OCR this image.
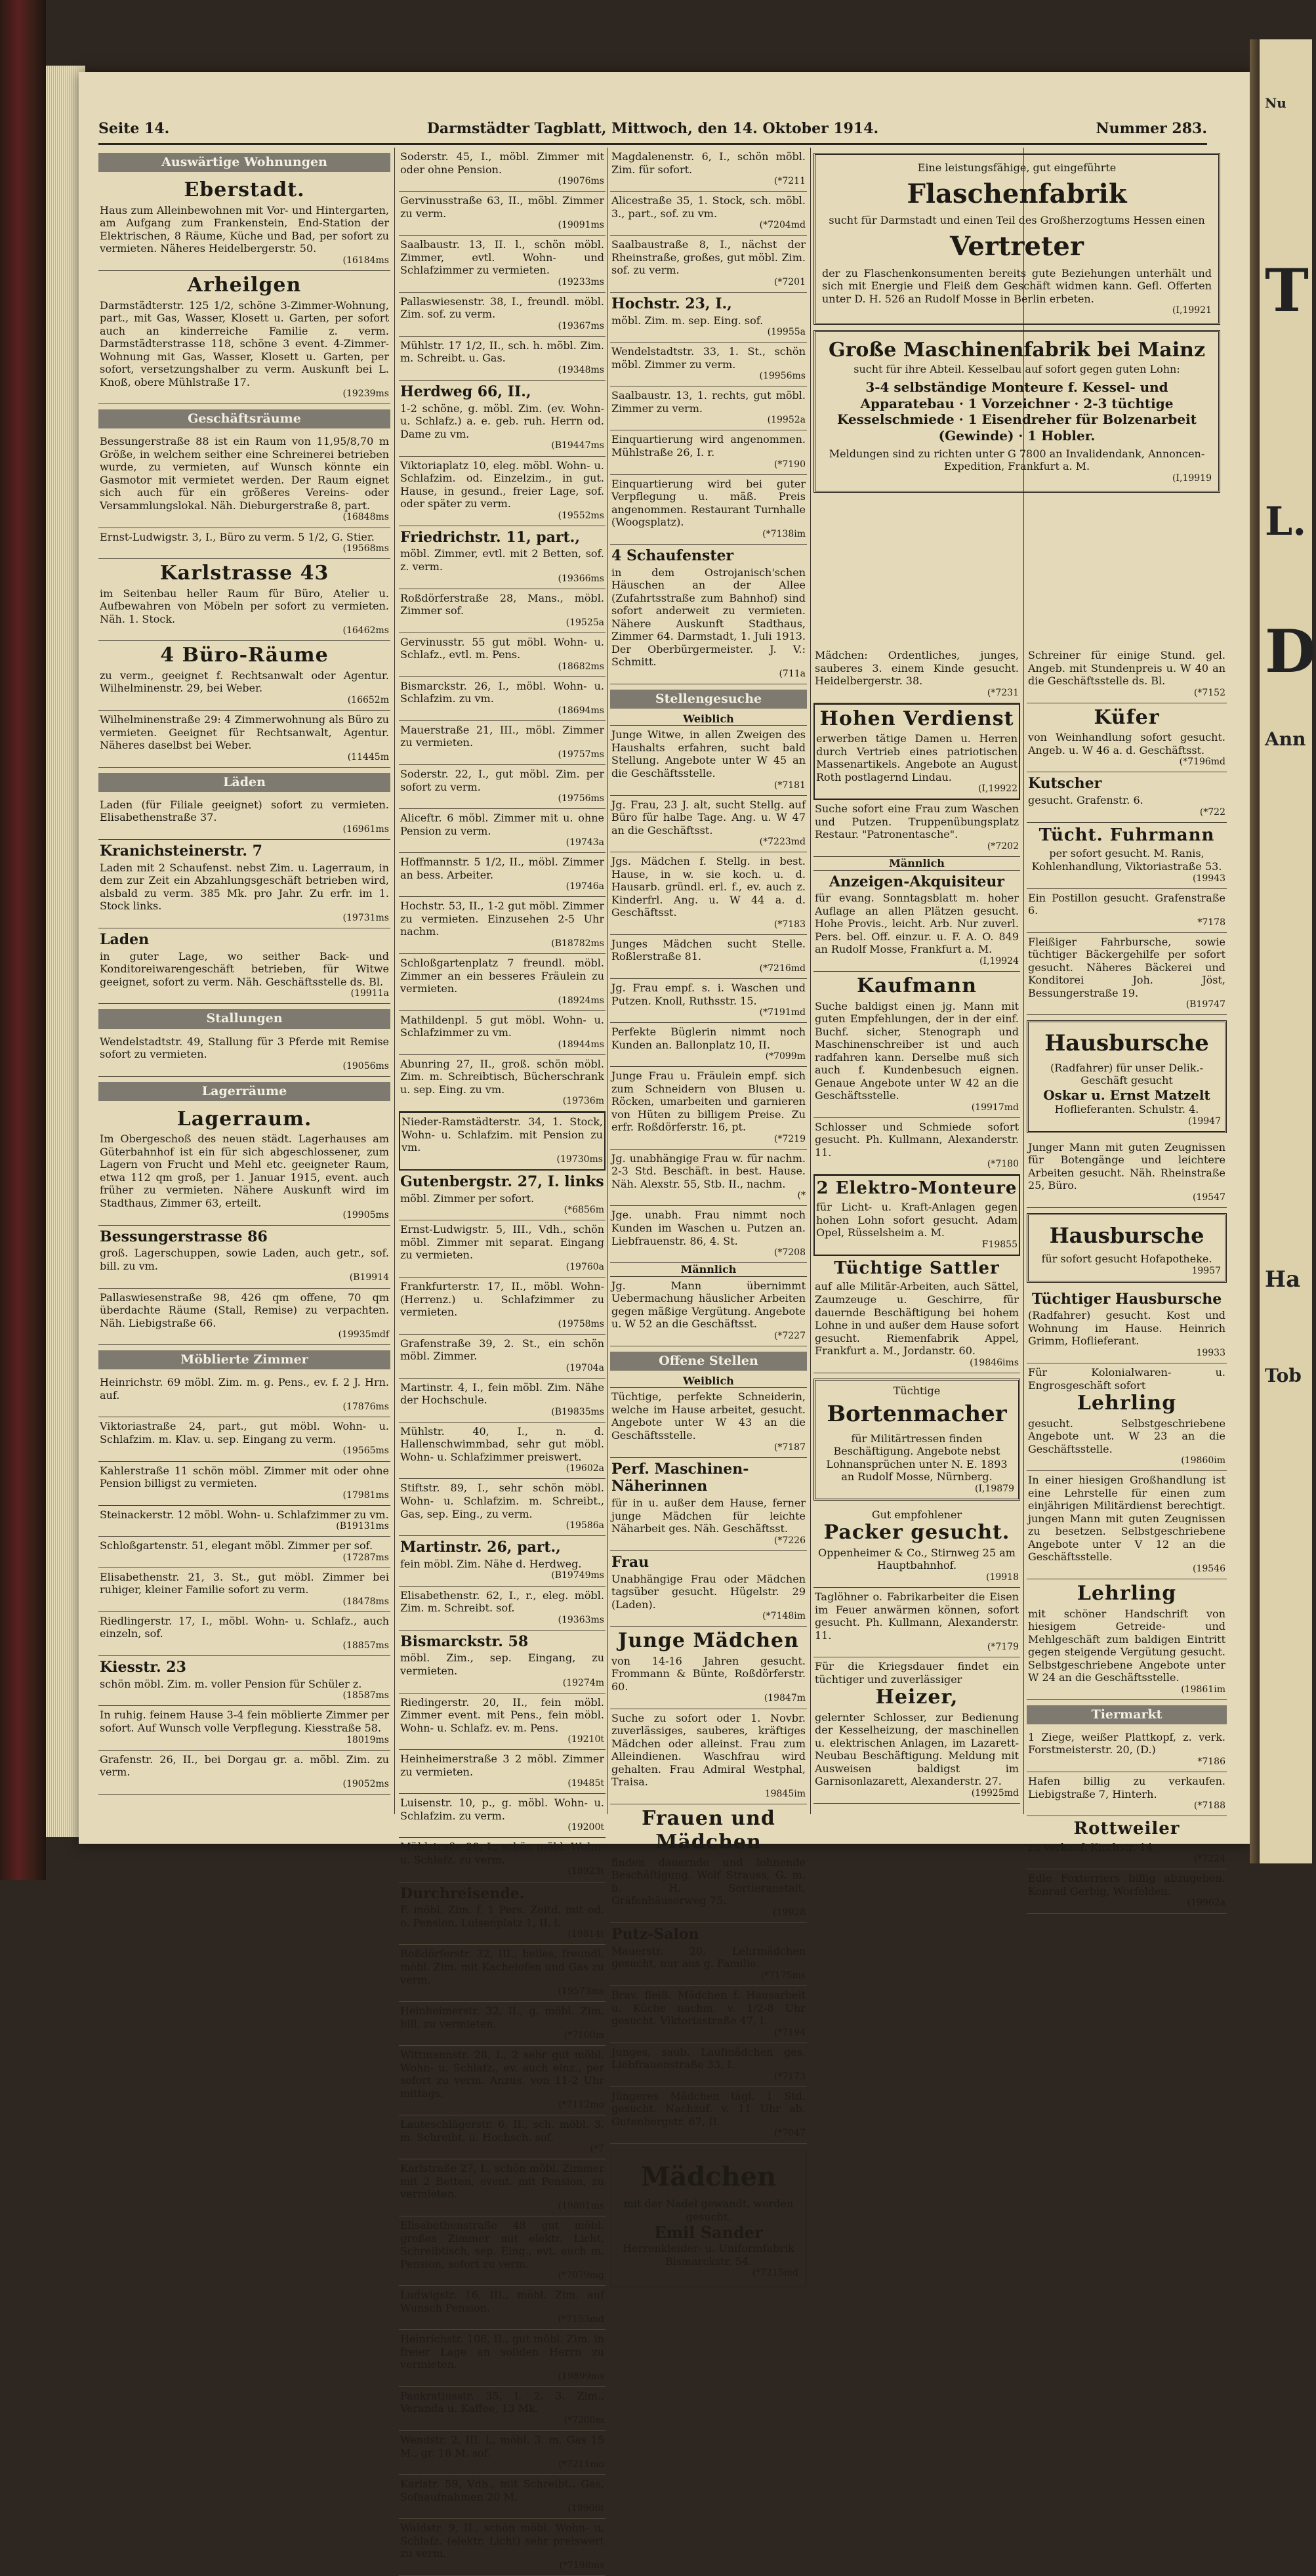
Nu
T
L.
D
Ann
Ha
Tob
Seite 14.	Darmstädter Tagblatt, Mittwoch, den 14. Oktober 1914.	Nummer 283.
Auswärtige Wohnungen
Eberstadt.

Haus zum Alleinbewohnen mit Vor- und Hintergarten, am Aufgang zum Frankenstein, End-Station der Elektrischen, 8 Räume, Küche und Bad, per sofort zu vermieten. Näheres Heidelbergerstr. 50.

(16184ms
Arheilgen

Darmstädterstr. 125 1/2, schöne 3-Zimmer-Wohnung, part., mit Gas, Wasser, Klosett u. Garten, per sofort auch an kinderreiche Familie z. verm. Darmstädterstrasse 118, schöne 3 event. 4-Zimmer-Wohnung mit Gas, Wasser, Klosett u. Garten, per sofort, versetzungshalber zu verm. Auskunft bei L. Knoß, obere Mühlstraße 17.

(19239ms
Geschäftsräume

Bessungerstraße 88 ist ein Raum von 11,95/8,70 m Größe, in welchem seither eine Schreinerei betrieben wurde, zu vermieten, auf Wunsch könnte ein Gasmotor mit vermietet werden. Der Raum eignet sich auch für ein größeres Vereins- oder Versammlungslokal. Näh. Dieburgerstraße 8, part.

(16848ms

Ernst-Ludwigstr. 3, I., Büro zu verm. 5 1/2, G. Stier.

(19568ms
Karlstrasse 43

im Seitenbau heller Raum für Büro, Atelier u. Aufbewahren von Möbeln per sofort zu vermieten. Näh. 1. Stock.

(16462ms
4 Büro-Räume

zu verm., geeignet f. Rechtsanwalt oder Agentur. Wilhelminenstr. 29, bei Weber.

(16652m

Wilhelminenstraße 29: 4 Zimmerwohnung als Büro zu vermieten. Geeignet für Rechtsanwalt, Agentur. Näheres daselbst bei Weber.

(11445m
Läden

Laden (für Filiale geeignet) sofort zu vermieten. Elisabethenstraße 37.

(16961ms
Kranichsteinerstr. 7

Laden mit 2 Schaufenst. nebst Zim. u. Lagerraum, in dem zur Zeit ein Abzahlungsgeschäft betrieben wird, alsbald zu verm. 385 Mk. pro Jahr. Zu erfr. im 1. Stock links.

(19731ms
Laden

in guter Lage, wo seither Back- und Konditoreiwarengeschäft betrieben, für Witwe geeignet, sofort zu verm. Näh. Geschäftsstelle ds. Bl.

(19911a
Stallungen

Wendelstadtstr. 49, Stallung für 3 Pferde mit Remise sofort zu vermieten.

(19056ms
Lagerräume
Lagerraum.

Im Obergeschoß des neuen städt. Lagerhauses am Güterbahnhof ist ein für sich abgeschlossener, zum Lagern von Frucht und Mehl etc. geeigneter Raum, etwa 112 qm groß, per 1. Januar 1915, event. auch früher zu vermieten. Nähere Auskunft wird im Stadthaus, Zimmer 63, erteilt.

(19905ms
Bessungerstrasse 86

groß. Lagerschuppen, sowie Laden, auch getr., sof. bill. zu vm.

(B19914

Pallaswiesenstraße 98, 426 qm offene, 70 qm überdachte Räume (Stall, Remise) zu verpachten. Näh. Liebigstraße 66.

(19935mdf
Möblierte Zimmer

Heinrichstr. 69 möbl. Zim. m. g. Pens., ev. f. 2 J. Hrn. auf.

(17876ms

Viktoriastraße 24, part., gut möbl. Wohn- u. Schlafzim. m. Klav. u. sep. Eingang zu verm.

(19565ms

Kahlerstraße 11 schön möbl. Zimmer mit oder ohne Pension billigst zu vermieten.

(17981ms

Steinackerstr. 12 möbl. Wohn- u. Schlafzimmer zu vm.

(B19131ms

Schloßgartenstr. 51, elegant möbl. Zimmer per sof.

(17287ms

Elisabethenstr. 21, 3. St., gut möbl. Zimmer bei ruhiger, kleiner Familie sofort zu verm.

(18478ms

Riedlingerstr. 17, I., möbl. Wohn- u. Schlafz., auch einzeln, sof.

(18857ms
Kiesstr. 23

schön möbl. Zim. m. voller Pension für Schüler z.

(18587ms

In ruhig. feinem Hause 3-4 fein möblierte Zimmer per sofort. Auf Wunsch volle Verpflegung. Kiesstraße 58.

18019ms

Grafenstr. 26, II., bei Dorgau gr. a. möbl. Zim. zu verm.

(19052ms

Soderstr. 45, I., möbl. Zimmer mit oder ohne Pension.

(19076ms

Gervinusstraße 63, II., möbl. Zimmer zu verm.

(19091ms

Saalbaustr. 13, II. l., schön möbl. Zimmer, evtl. Wohn- und Schlafzimmer zu vermieten.

(19233ms

Pallaswiesenstr. 38, I., freundl. möbl. Zim. sof. zu verm.

(19367ms

Mühlstr. 17 1/2, II., sch. h. möbl. Zim. m. Schreibt. u. Gas.

(19348ms
Herdweg 66, II.,

1-2 schöne, g. möbl. Zim. (ev. Wohn- u. Schlafz.) a. e. geb. ruh. Herrn od. Dame zu vm.

(B19447ms

Viktoriaplatz 10, eleg. möbl. Wohn- u. Schlafzim. od. Einzelzim., in gut. Hause, in gesund., freier Lage, sof. oder später zu verm.

(19552ms
Friedrichstr. 11, part.,

möbl. Zimmer, evtl. mit 2 Betten, sof. z. verm.

(19366ms

Roßdörferstraße 28, Mans., möbl. Zimmer sof.

(19525a

Gervinusstr. 55 gut möbl. Wohn- u. Schlafz., evtl. m. Pens.

(18682ms

Bismarckstr. 26, I., möbl. Wohn- u. Schlafzim. zu vm.

(18694ms

Mauerstraße 21, III., möbl. Zimmer zu vermieten.

(19757ms

Soderstr. 22, I., gut möbl. Zim. per sofort zu verm.

(19756ms

Aliceftr. 6 möbl. Zimmer mit u. ohne Pension zu verm.

(19743a

Hoffmannstr. 5 1/2, II., möbl. Zimmer an bess. Arbeiter.

(19746a

Hochstr. 53, II., 1-2 gut möbl. Zimmer zu vermieten. Einzusehen 2-5 Uhr nachm.

(B18782ms

Schloßgartenplatz 7 freundl. möbl. Zimmer an ein besseres Fräulein zu vermieten.

(18924ms

Mathildenpl. 5 gut möbl. Wohn- u. Schlafzimmer zu vm.

(18944ms

Abunring 27, II., groß. schön möbl. Zim. m. Schreibtisch, Bücherschrank u. sep. Eing. zu vm.

(19736m

Nieder-Ramstädterstr. 34, 1. Stock, Wohn- u. Schlafzim. mit Pension zu vm.

(19730ms
Gutenbergstr. 27, I. links

möbl. Zimmer per sofort.

(*6856m

Ernst-Ludwigstr. 5, III., Vdh., schön möbl. Zimmer mit separat. Eingang zu vermieten.

(19760a

Frankfurterstr. 17, II., möbl. Wohn- (Herrenz.) u. Schlafzimmer zu vermieten.

(19758ms

Grafenstraße 39, 2. St., ein schön möbl. Zimmer.

(19704a

Martinstr. 4, I., fein möbl. Zim. Nähe der Hochschule.

(B19835ms

Mühlstr. 40, I., n. d. Hallenschwimmbad, sehr gut möbl. Wohn- u. Schlafzimmer preiswert.

(19602a

Stiftstr. 89, I., sehr schön möbl. Wohn- u. Schlafzim. m. Schreibt., Gas, sep. Eing., zu verm.

(19586a
Martinstr. 26, part.,

fein möbl. Zim. Nähe d. Herdweg.

(B19749ms

Elisabethenstr. 62, I., r., eleg. möbl. Zim. m. Schreibt. sof.

(19363ms
Bismarckstr. 58

möbl. Zim., sep. Eingang, zu vermieten.

(19274m

Riedingerstr. 20, II., fein möbl. Zimmer event. mit Pens., fein möbl. Wohn- u. Schlafz. ev. m. Pens.

(19210t

Heinheimerstraße 3 2 möbl. Zimmer zu vermieten.

(19485t

Luisenstr. 10, p., g. möbl. Wohn- u. Schlafzim. zu verm.

(19200t

Mühlstraße 28, I., schön möbl. Wohn- u. Schlafz. zu verm.

(18923t
Durchreisende.

F. möbl. Zim. f. 1 Pers. Zeitd. mit od. o. Pension. Luisenplatz 1, II. l.

(19814t

Roßdörferstr. 32, III., helles, freundl. möbl. Zim. mit Kachelofen und Gas zu verm.

(19573ms

Heinheimerstr. 32, II., g. möbl. Zim. bill. zu vermieten.

(*7100m

Wittmannstr. 28, I., 2 sehr gut möbl. Wohn- u. Schlafz., ev. auch einz., per sofort zu verm. Anzus. von 11-2 Uhr mittags.

(*7112mo

Lauteschlägerstr. 6, II., sch. möbl. 3. m. Schreibt. u. Hochsch. sof.

(*7

Karlstraße 27, I., schön möbl. Zimmer mit 2 Betten, event. mit Pension, zu vermieten.

(19801ms

Elisabethenstraße 48 gut möbl. großes Zimmer mit elektr. Licht, Schreibtisch, sep. Eing., evt. auch m. Pension, sofort zu verm.

(*7079mg

Ludwigstr. 16, III., möbl. Zim. auf Wunsch Pension.

(*7153md

Heinrichstr. 108, II., gut möbl. Zim. in freier Lage an soliden Herrn zu vermieten.

(19899ms

Pankratiusstr. 35, I. 2. 3. Zim., Veranda u. Kaffee, 13 Mk.

(*7200m

Wendstr. 2, III. l., möbl. 3. m. Gas 15 M., gr. 18 M. sof.

(*7211mo

Karlstr. 59, Vdh., mit Schreibt., Gas, Sofaaufnahmen 20 M.

(19906t

Waldstr. 9, II., schön möbl. Wohn- u. Schlafz. (elektr. Licht) sehr preiswert zu verm.

(*7198ms

Magdalenenstr. 6, I., schön möbl. Zim. für sofort.

(*7211

Alicestraße 35, 1. Stock, sch. möbl. 3., part., sof. zu vm.

(*7204md

Saalbaustraße 8, I., nächst der Rheinstraße, großes, gut möbl. Zim. sof. zu verm.

(*7201
Hochstr. 23, I.,

möbl. Zim. m. sep. Eing. sof.

(19955a

Wendelstadtstr. 33, 1. St., schön möbl. Zimmer zu verm.

(19956ms

Saalbaustr. 13, 1. rechts, gut möbl. Zimmer zu verm.

(19952a

Einquartierung wird angenommen. Mühlstraße 26, I. r.

(*7190

Einquartierung wird bei guter Verpflegung u. mäß. Preis angenommen. Restaurant Turnhalle (Woogsplatz).

(*7138im
4 Schaufenster

in dem Ostrojanisch'schen Häuschen an der Allee (Zufahrtsstraße zum Bahnhof) sind sofort anderweit zu vermieten. Nähere Auskunft Stadthaus, Zimmer 64. Darmstadt, 1. Juli 1913. Der Oberbürgermeister. J. V.: Schmitt.

(711a
Stellengesuche
Weiblich

Junge Witwe, in allen Zweigen des Haushalts erfahren, sucht bald Stellung. Angebote unter W 45 an die Geschäftsstelle.

(*7181

Jg. Frau, 23 J. alt, sucht Stellg. auf Büro für halbe Tage. Ang. u. W 47 an die Geschäftsst.

(*7223md

Jgs. Mädchen f. Stellg. in best. Hause, in w. sie koch. u. d. Hausarb. gründl. erl. f., ev. auch z. Kinderfrl. Ang. u. W 44 a. d. Geschäftsst.

(*7183

Junges Mädchen sucht Stelle. Roßlerstraße 81.

(*7216md

Jg. Frau empf. s. i. Waschen und Putzen. Knoll, Ruthsstr. 15.

(*7191md

Perfekte Büglerin nimmt noch Kunden an. Ballonplatz 10, II.

(*7099m

Junge Frau u. Fräulein empf. sich zum Schneidern von Blusen u. Röcken, umarbeiten und garnieren von Hüten zu billigem Preise. Zu erfr. Roßdörferstr. 16, pt.

(*7219

Jg. unabhängige Frau w. für nachm. 2-3 Std. Beschäft. in best. Hause. Näh. Alexstr. 55, Stb. II., nachm.

(*

Jge. unabh. Frau nimmt noch Kunden im Waschen u. Putzen an. Liebfrauenstr. 86, 4. St.

(*7208
Männlich

Jg. Mann übernimmt Uebermachung häuslicher Arbeiten gegen mäßige Vergütung. Angebote u. W 52 an die Geschäftsst.

(*7227
Offene Stellen
Weiblich

Tüchtige, perfekte Schneiderin, welche im Hause arbeitet, gesucht. Angebote unter W 43 an die Geschäftsstelle.

(*7187
Perf. Maschinen-Näherinnen

für in u. außer dem Hause, ferner junge Mädchen für leichte Näharbeit ges. Näh. Geschäftsst.

(*7226
Frau

Unabhängige Frau oder Mädchen tagsüber gesucht. Hügelstr. 29 (Laden).

(*7148im
Junge Mädchen

von 14-16 Jahren gesucht. Frommann & Bünte, Roßdörferstr. 60.

(19847m

Suche zu sofort oder 1. Novbr. zuverlässiges, sauberes, kräftiges Mädchen oder alleinst. Frau zum Alleindienen. Waschfrau wird gehalten. Frau Admiral Westphal, Traisa.

19845im
Frauen und Mädchen

finden dauernde und lohnende Beschäftigung. Wolf Strauss, G. m. b. H. Sortieranstalt, Gräfenhäuserweg 75.

(19928
Putz-Salon

Mauerstr. 20, Lehrmädchen gesucht, nur aus g. Familie.

(*7175ms

Brav. fleiß. Mädchen f. Hausarbeit u. Küche nachm. v. 1/2-8 Uhr gesucht. Viktoriastraße 47, I.

(*7194

Junges, saub. Laufmädchen ges. Liebfrauenstraße 33, I.

(*7173

Jüngeres Mädchen tägl. 1 Std. gesucht. Nachzuf. v. 11 Uhr ab. Gutenbergstr. 67, II.

(*7047
Mädchen
mit der Nadel gewandt, werden gesucht.
Emil Sander
Herrenkleider- u. Uniformfabrik Bismarckstr. 54.
(*7215md
Eine leistungsfähige, gut eingeführte
Flaschenfabrik
sucht für Darmstadt und einen Teil des Großherzogtums Hessen einen
Vertreter
der zu Flaschenkonsumenten bereits gute Beziehungen unterhält und sich mit Energie und Fleiß dem Geschäft widmen kann. Gefl. Offerten unter D. H. 526 an Rudolf Mosse in Berlin erbeten.
(I,19921
Große Maschinenfabrik bei Mainz
sucht für ihre Abteil. Kesselbau auf sofort gegen guten Lohn:
3-4 selbständige Monteure f. Kessel- und Apparatebau · 1 Vorzeichner · 2-3 tüchtige Kesselschmiede · 1 Eisendreher für Bolzenarbeit (Gewinde) · 1 Hobler.
Meldungen sind zu richten unter G 7800 an Invalidendank, Annoncen-Expedition, Frankfurt a. M.
(I,19919

Mädchen: Ordentliches, junges, sauberes 3. einem Kinde gesucht. Heidelbergerstr. 38.

(*7231
Hohen Verdienst

erwerben tätige Damen u. Herren durch Vertrieb eines patriotischen Massenartikels. Angebote an August Roth postlagernd Lindau.

(I,19922

Suche sofort eine Frau zum Waschen und Putzen. Truppenübungsplatz Restaur. "Patronentasche".

(*7202
Männlich
Anzeigen-Akquisiteur

für evang. Sonntagsblatt m. hoher Auflage an allen Plätzen gesucht. Hohe Provis., leicht. Arb. Nur zuverl. Pers. bel. Off. einzur. u. F. A. O. 849 an Rudolf Mosse, Frankfurt a. M.

(I,19924
Kaufmann

Suche baldigst einen jg. Mann mit guten Empfehlungen, der in der einf. Buchf. sicher, Stenograph und Maschinenschreiber ist und auch radfahren kann. Derselbe muß sich auch f. Kundenbesuch eignen. Genaue Angebote unter W 42 an die Geschäftsstelle.

(19917md

Schlosser und Schmiede sofort gesucht. Ph. Kullmann, Alexanderstr. 11.

(*7180
2 Elektro-Monteure

für Licht- u. Kraft-Anlagen gegen hohen Lohn sofort gesucht. Adam Opel, Rüsselsheim a. M.

F19855
Tüchtige Sattler

auf alle Militär-Arbeiten, auch Sättel, Zaumzeuge u. Geschirre, für dauernde Beschäftigung bei hohem Lohne in und außer dem Hause sofort gesucht. Riemenfabrik Appel, Frankfurt a. M., Jordanstr. 60.

(19846ims
Tüchtige
Bortenmacher
für Militärtressen finden Beschäftigung. Angebote nebst Lohnansprüchen unter N. E. 1893 an Rudolf Mosse, Nürnberg.
(I,19879
Gut empfohlener
Packer gesucht.

Oppenheimer & Co., Stirnweg 25 am Hauptbahnhof.

(19918

Taglöhner o. Fabrikarbeiter die Eisen im Feuer anwärmen können, sofort gesucht. Ph. Kullmann, Alexanderstr. 11.

(*7179

Für die Kriegsdauer findet ein tüchtiger und zuverlässiger

Heizer,

gelernter Schlosser, zur Bedienung der Kesselheizung, der maschinellen u. elektrischen Anlagen, im Lazarett-Neubau Beschäftigung. Meldung mit Ausweisen baldigst im Garnisonlazarett, Alexanderstr. 27.

(19925md

Schreiner für einige Stund. gel. Angeb. mit Stundenpreis u. W 40 an die Geschäftsstelle ds. Bl.

(*7152
Küfer

von Weinhandlung sofort gesucht. Angeb. u. W 46 a. d. Geschäftsst.

(*7196md
Kutscher

gesucht. Grafenstr. 6.

(*722
Tücht. Fuhrmann

per sofort gesucht. M. Ranis, Kohlenhandlung, Viktoriastraße 53.

(19943

Ein Postillon gesucht. Grafenstraße 6.

*7178

Fleißiger Fahrbursche, sowie tüchtiger Bäckergehilfe per sofort gesucht. Näheres Bäckerei und Konditorei Joh. Jöst, Bessungerstraße 19.

(B19747
Hausbursche
(Radfahrer) für unser Delik.-Geschäft gesucht
Oskar u. Ernst Matzelt
Hoflieferanten. Schulstr. 4.
(19947

Junger Mann mit guten Zeugnissen für Botengänge und leichtere Arbeiten gesucht. Näh. Rheinstraße 25, Büro.

(19547
Hausbursche
für sofort gesucht Hofapotheke.
19957
Tüchtiger Hausbursche

(Radfahrer) gesucht. Kost und Wohnung im Hause. Heinrich Grimm, Hoflieferant.

19933

Für Kolonialwaren- u. Engrosgeschäft sofort

Lehrling

gesucht. Selbstgeschriebene Angebote unt. W 23 an die Geschäftsstelle.

(19860im

In einer hiesigen Großhandlung ist eine Lehrstelle für einen zum einjährigen Militärdienst berechtigt. jungen Mann mit guten Zeugnissen zu besetzen. Selbstgeschriebene Angebote unter V 12 an die Geschäftsstelle.

(19546
Lehrling

mit schöner Handschrift von hiesigem Getreide- und Mehlgeschäft zum baldigen Eintritt gegen steigende Vergütung gesucht. Selbstgeschriebene Angebote unter W 24 an die Geschäftsstelle.

(19861im
Tiermarkt

1 Ziege, weißer Plattkopf, z. verk. Forstmeisterstr. 20, (D.)

*7186

Hafen billig zu verkaufen. Liebigstraße 7, Hinterh.

(*7188
Rottweiler

zu verkauf. Kirchstr. 14.

(*7224

Edle Foxterriers billig abzugeben. Konrad Gerbig, Worfelden.

(19962a
